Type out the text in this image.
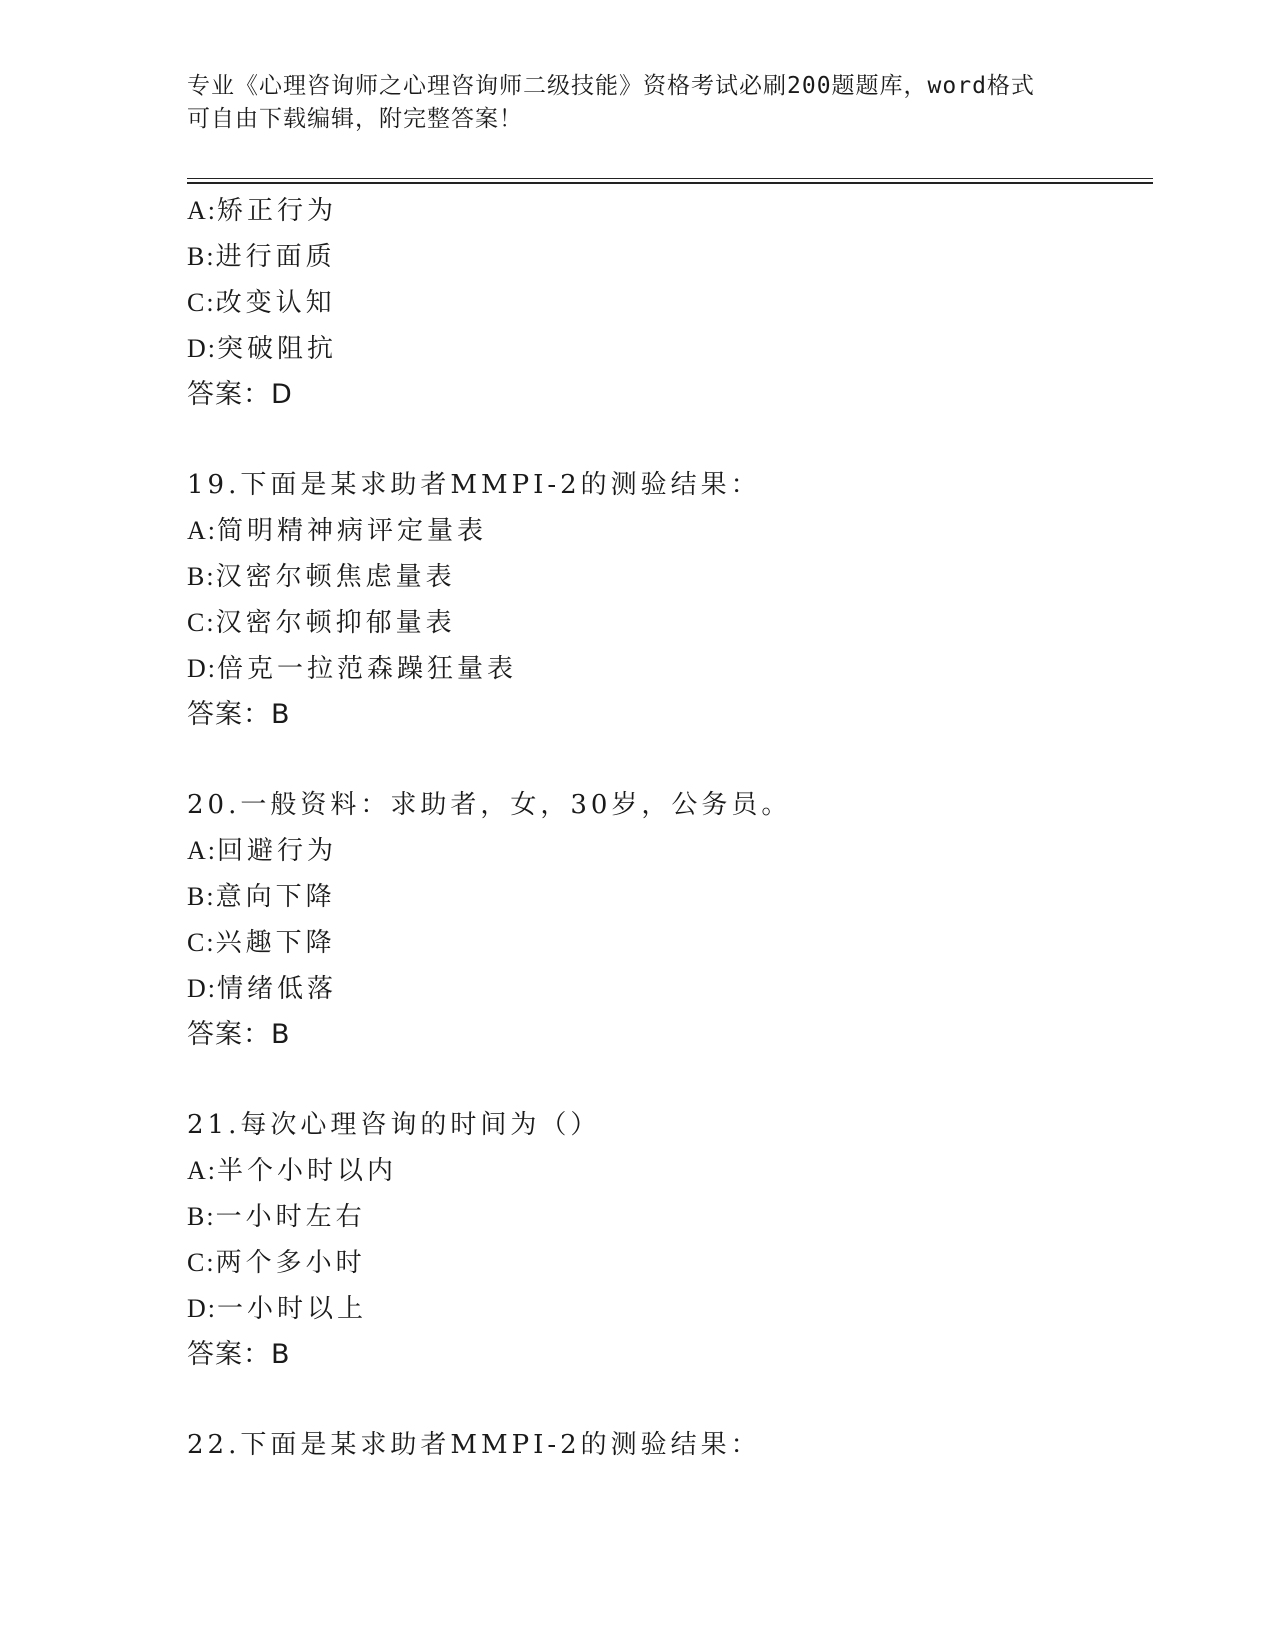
专业《心理咨询师之心理咨询师二级技能》资格考试必刷200题题库，word格式
可自由下载编辑，附完整答案！
A:矫正行为
B:进行面质
C:改变认知
D:突破阻抗
答案：D
19.下面是某求助者MMPI-2的测验结果：
A:简明精神病评定量表
B:汉密尔顿焦虑量表
C:汉密尔顿抑郁量表
D:倍克一拉范森躁狂量表
答案：B
20.一般资料：求助者，女，30岁，公务员。
A:回避行为
B:意向下降
C:兴趣下降
D:情绪低落
答案：B
21.每次心理咨询的时间为（）
A:半个小时以内
B:一小时左右
C:两个多小时
D:一小时以上
答案：B
22.下面是某求助者MMPI-2的测验结果：
